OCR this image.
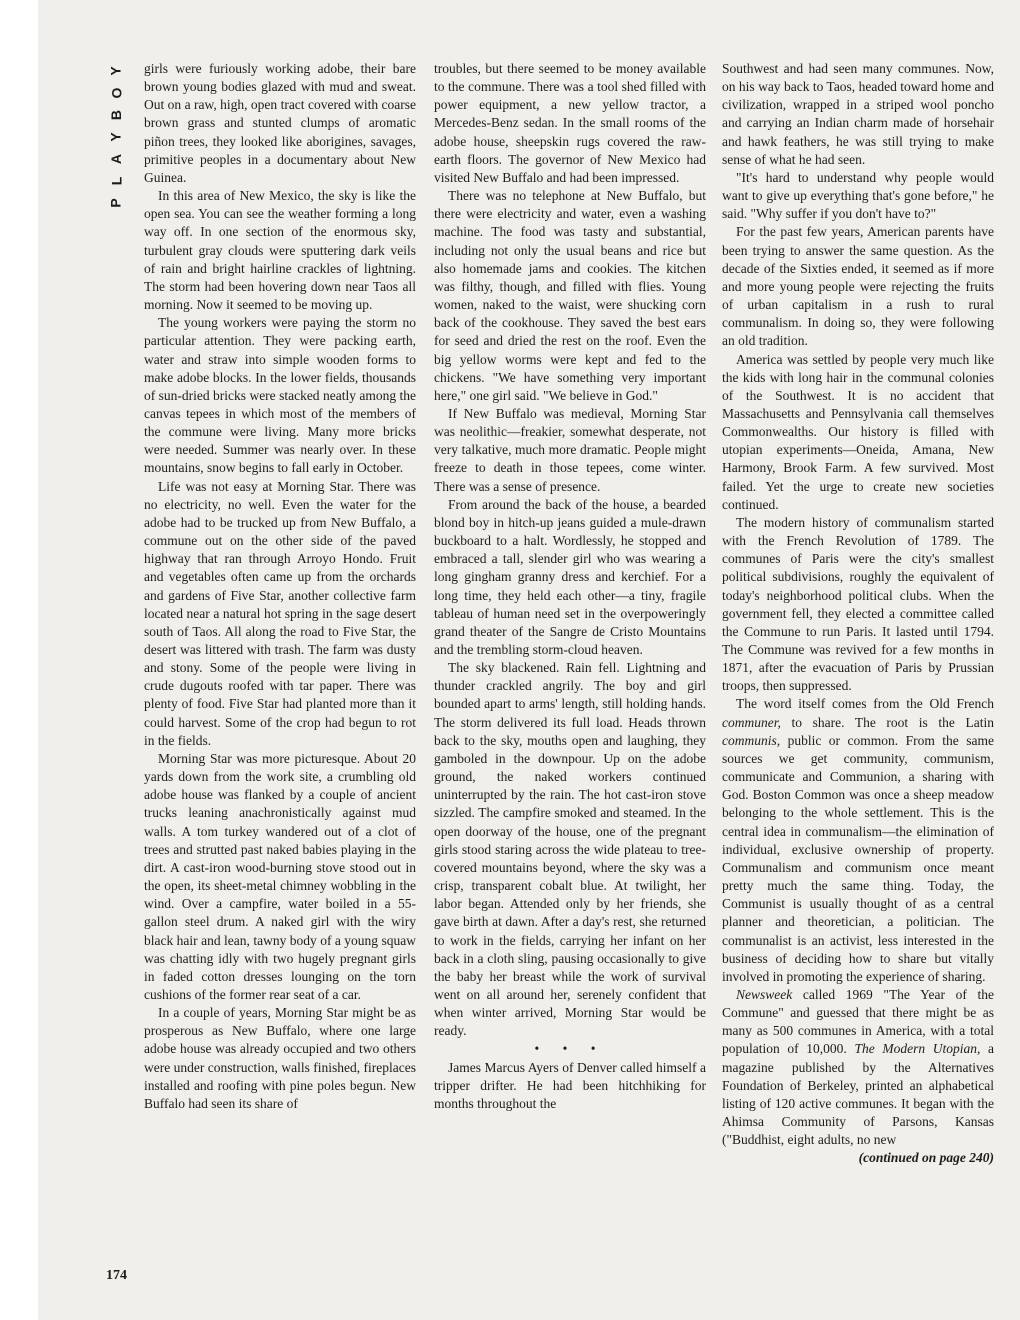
Y
O
B
Y
A
L
P
174

girls were furiously working adobe, their bare brown young bodies glazed with mud and sweat. Out on a raw, high, open tract covered with coarse brown grass and stunted clumps of aromatic piñon trees, they looked like aborigines, savages, primitive peoples in a documentary about New Guinea.

In this area of New Mexico, the sky is like the open sea. You can see the weather forming a long way off. In one section of the enormous sky, turbulent gray clouds were sputtering dark veils of rain and bright hairline crackles of lightning. The storm had been hovering down near Taos all morning. Now it seemed to be moving up.

The young workers were paying the storm no particular attention. They were packing earth, water and straw into simple wooden forms to make adobe blocks. In the lower fields, thousands of sun-dried bricks were stacked neatly among the canvas tepees in which most of the members of the commune were living. Many more bricks were needed. Summer was nearly over. In these mountains, snow begins to fall early in October.

Life was not easy at Morning Star. There was no electricity, no well. Even the water for the adobe had to be trucked up from New Buffalo, a commune out on the other side of the paved highway that ran through Arroyo Hondo. Fruit and vegetables often came up from the orchards and gardens of Five Star, another collective farm located near a natural hot spring in the sage desert south of Taos. All along the road to Five Star, the desert was littered with trash. The farm was dusty and stony. Some of the people were living in crude dugouts roofed with tar paper. There was plenty of food. Five Star had planted more than it could harvest. Some of the crop had begun to rot in the fields.

Morning Star was more picturesque. About 20 yards down from the work site, a crumbling old adobe house was flanked by a couple of ancient trucks leaning anachronistically against mud walls. A tom turkey wandered out of a clot of trees and strutted past naked babies playing in the dirt. A cast-iron wood-burning stove stood out in the open, its sheet-metal chimney wobbling in the wind. Over a campfire, water boiled in a 55-gallon steel drum. A naked girl with the wiry black hair and lean, tawny body of a young squaw was chatting idly with two hugely pregnant girls in faded cotton dresses lounging on the torn cushions of the former rear seat of a car.

In a couple of years, Morning Star might be as prosperous as New Buffalo, where one large adobe house was already occupied and two others were under construction, walls finished, fireplaces installed and roofing with pine poles begun. New Buffalo had seen its share of

troubles, but there seemed to be money available to the commune. There was a tool shed filled with power equipment, a new yellow tractor, a Mercedes-Benz sedan. In the small rooms of the adobe house, sheepskin rugs covered the raw-earth floors. The governor of New Mexico had visited New Buffalo and had been impressed.

There was no telephone at New Buffalo, but there were electricity and water, even a washing machine. The food was tasty and substantial, including not only the usual beans and rice but also homemade jams and cookies. The kitchen was filthy, though, and filled with flies. Young women, naked to the waist, were shucking corn back of the cookhouse. They saved the best ears for seed and dried the rest on the roof. Even the big yellow worms were kept and fed to the chickens. "We have something very important here," one girl said. "We believe in God."

If New Buffalo was medieval, Morning Star was neolithic—freakier, somewhat desperate, not very talkative, much more dramatic. People might freeze to death in those tepees, come winter. There was a sense of presence.

From around the back of the house, a bearded blond boy in hitch-up jeans guided a mule-drawn buckboard to a halt. Wordlessly, he stopped and embraced a tall, slender girl who was wearing a long gingham granny dress and kerchief. For a long time, they held each other—a tiny, fragile tableau of human need set in the overpoweringly grand theater of the Sangre de Cristo Mountains and the trembling storm-cloud heaven.

The sky blackened. Rain fell. Lightning and thunder crackled angrily. The boy and girl bounded apart to arms' length, still holding hands. The storm delivered its full load. Heads thrown back to the sky, mouths open and laughing, they gamboled in the downpour. Up on the adobe ground, the naked workers continued uninterrupted by the rain. The hot cast-iron stove sizzled. The campfire smoked and steamed. In the open doorway of the house, one of the pregnant girls stood staring across the wide plateau to tree-covered mountains beyond, where the sky was a crisp, transparent cobalt blue. At twilight, her labor began. Attended only by her friends, she gave birth at dawn. After a day's rest, she returned to work in the fields, carrying her infant on her back in a cloth sling, pausing occasionally to give the baby her breast while the work of survival went on all around her, serenely confident that when winter arrived, Morning Star would be ready.

• • •

James Marcus Ayers of Denver called himself a tripper drifter. He had been hitchhiking for months throughout the

Southwest and had seen many communes. Now, on his way back to Taos, headed toward home and civilization, wrapped in a striped wool poncho and carrying an Indian charm made of horsehair and hawk feathers, he was still trying to make sense of what he had seen.

"It's hard to understand why people would want to give up everything that's gone before," he said. "Why suffer if you don't have to?"

For the past few years, American parents have been trying to answer the same question. As the decade of the Sixties ended, it seemed as if more and more young people were rejecting the fruits of urban capitalism in a rush to rural communalism. In doing so, they were following an old tradition.

America was settled by people very much like the kids with long hair in the communal colonies of the Southwest. It is no accident that Massachusetts and Pennsylvania call themselves Commonwealths. Our history is filled with utopian experiments—Oneida, Amana, New Harmony, Brook Farm. A few survived. Most failed. Yet the urge to create new societies continued.

The modern history of communalism started with the French Revolution of 1789. The communes of Paris were the city's smallest political subdivisions, roughly the equivalent of today's neighborhood political clubs. When the government fell, they elected a committee called the Commune to run Paris. It lasted until 1794. The Commune was revived for a few months in 1871, after the evacuation of Paris by Prussian troops, then suppressed.

The word itself comes from the Old French communer, to share. The root is the Latin communis, public or common. From the same sources we get community, communism, communicate and Communion, a sharing with God. Boston Common was once a sheep meadow belonging to the whole settlement. This is the central idea in communalism—the elimination of individual, exclusive ownership of property. Communalism and communism once meant pretty much the same thing. Today, the Communist is usually thought of as a central planner and theoretician, a politician. The communalist is an activist, less interested in the business of deciding how to share but vitally involved in promoting the experience of sharing.

Newsweek called 1969 "The Year of the Commune" and guessed that there might be as many as 500 communes in America, with a total population of 10,000. The Modern Utopian, a magazine published by the Alternatives Foundation of Berkeley, printed an alphabetical listing of 120 active communes. It began with the Ahimsa Community of Parsons, Kansas ("Buddhist, eight adults, no new

(continued on page 240)
